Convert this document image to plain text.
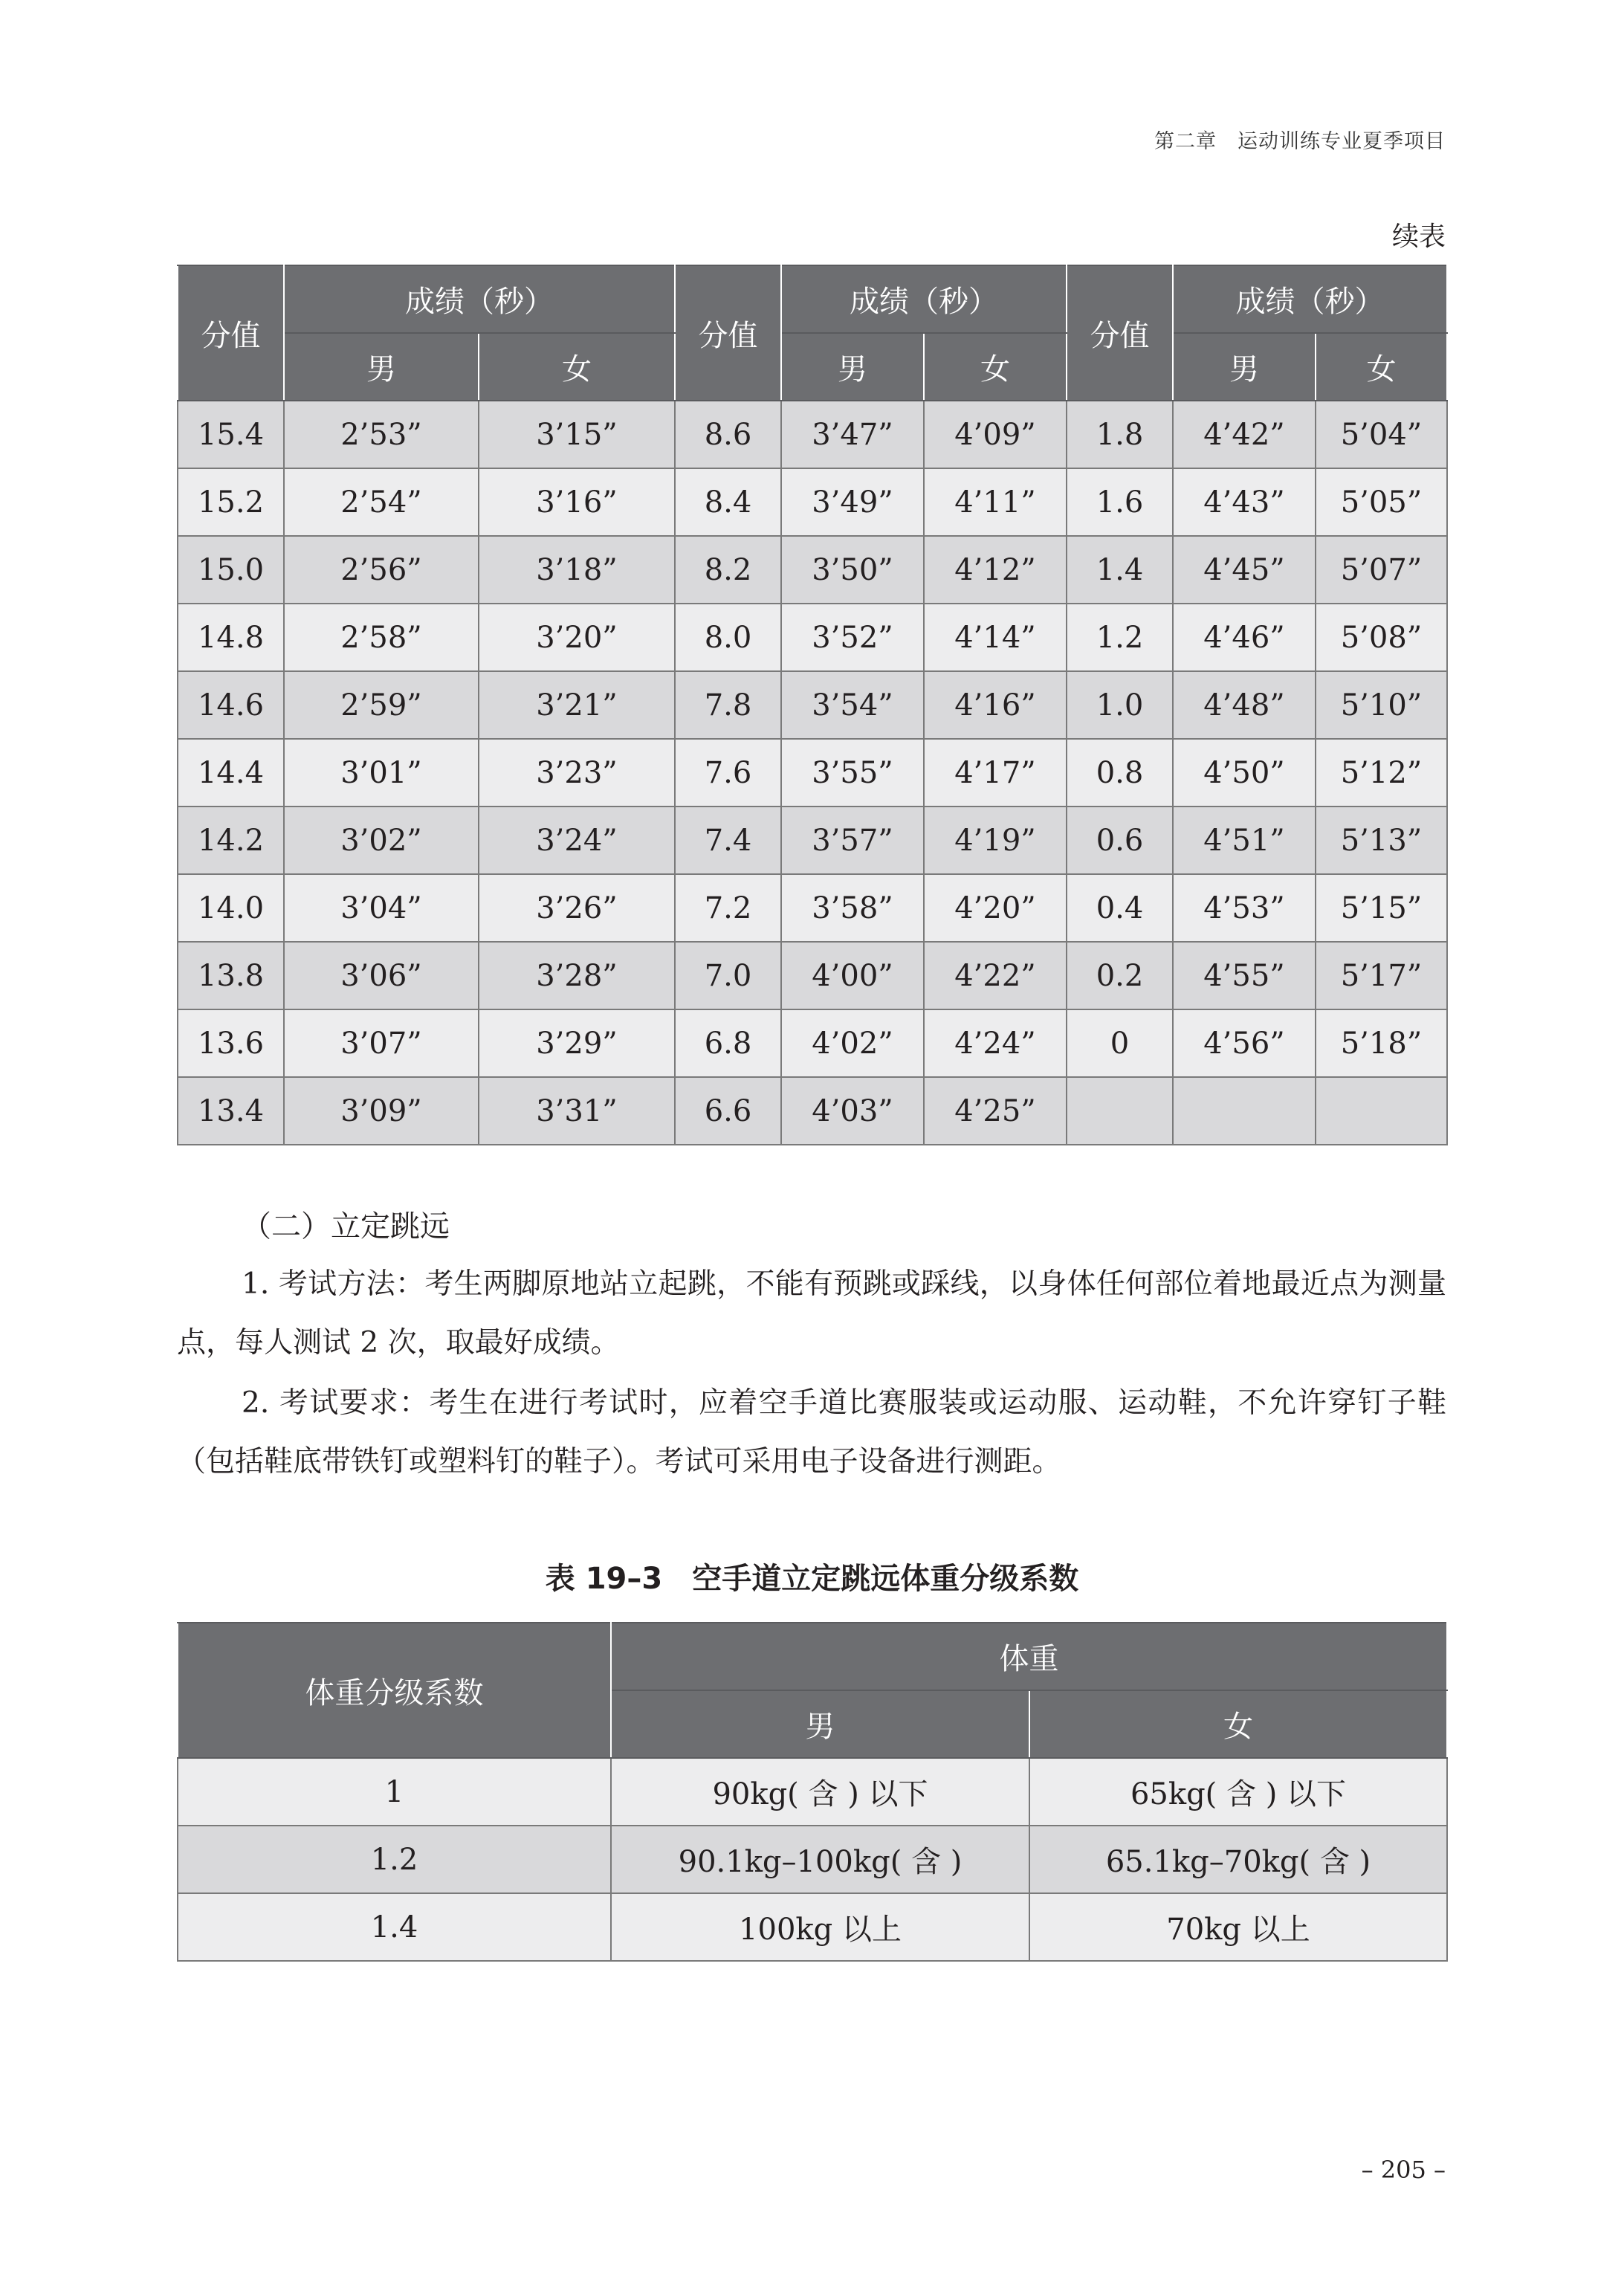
第二章　运动训练专业夏季项目
续表
分值	成绩（秒）		分值	成绩（秒）		分值	成绩（秒）	
	男	女		男	女		男	女
15.4	2’53”	3’15”	8.6	3’47”	4’09”	1.8	4’42”	5’04”
15.2	2’54”	3’16”	8.4	3’49”	4’11”	1.6	4’43”	5’05”
15.0	2’56”	3’18”	8.2	3’50”	4’12”	1.4	4’45”	5’07”
14.8	2’58”	3’20”	8.0	3’52”	4’14”	1.2	4’46”	5’08”
14.6	2’59”	3’21”	7.8	3’54”	4’16”	1.0	4’48”	5’10”
14.4	3’01”	3’23”	7.6	3’55”	4’17”	0.8	4’50”	5’12”
14.2	3’02”	3’24”	7.4	3’57”	4’19”	0.6	4’51”	5’13”
14.0	3’04”	3’26”	7.2	3’58”	4’20”	0.4	4’53”	5’15”
13.8	3’06”	3’28”	7.0	4’00”	4’22”	0.2	4’55”	5’17”
13.6	3’07”	3’29”	6.8	4’02”	4’24”	0	4’56”	5’18”
13.4	3’09”	3’31”	6.6	4’03”	4’25”			
（二）立定跳远
1. 考试方法：考生两脚原地站立起跳，不能有预跳或踩线，以身体任何部位着地最近点为测量点，每人测试 2 次，取最好成绩。
2. 考试要求：考生在进行考试时，应着空手道比赛服装或运动服、运动鞋，不允许穿钉子鞋（包括鞋底带铁钉或塑料钉的鞋子）。考试可采用电子设备进行测距。
表 19–3　空手道立定跳远体重分级系数
体重分级系数	体重	
	男	女
1	90kg( 含 ) 以下	65kg( 含 ) 以下
1.2	90.1kg–100kg( 含 )	65.1kg–70kg( 含 )
1.4	100kg 以上	70kg 以上
– 205 –
